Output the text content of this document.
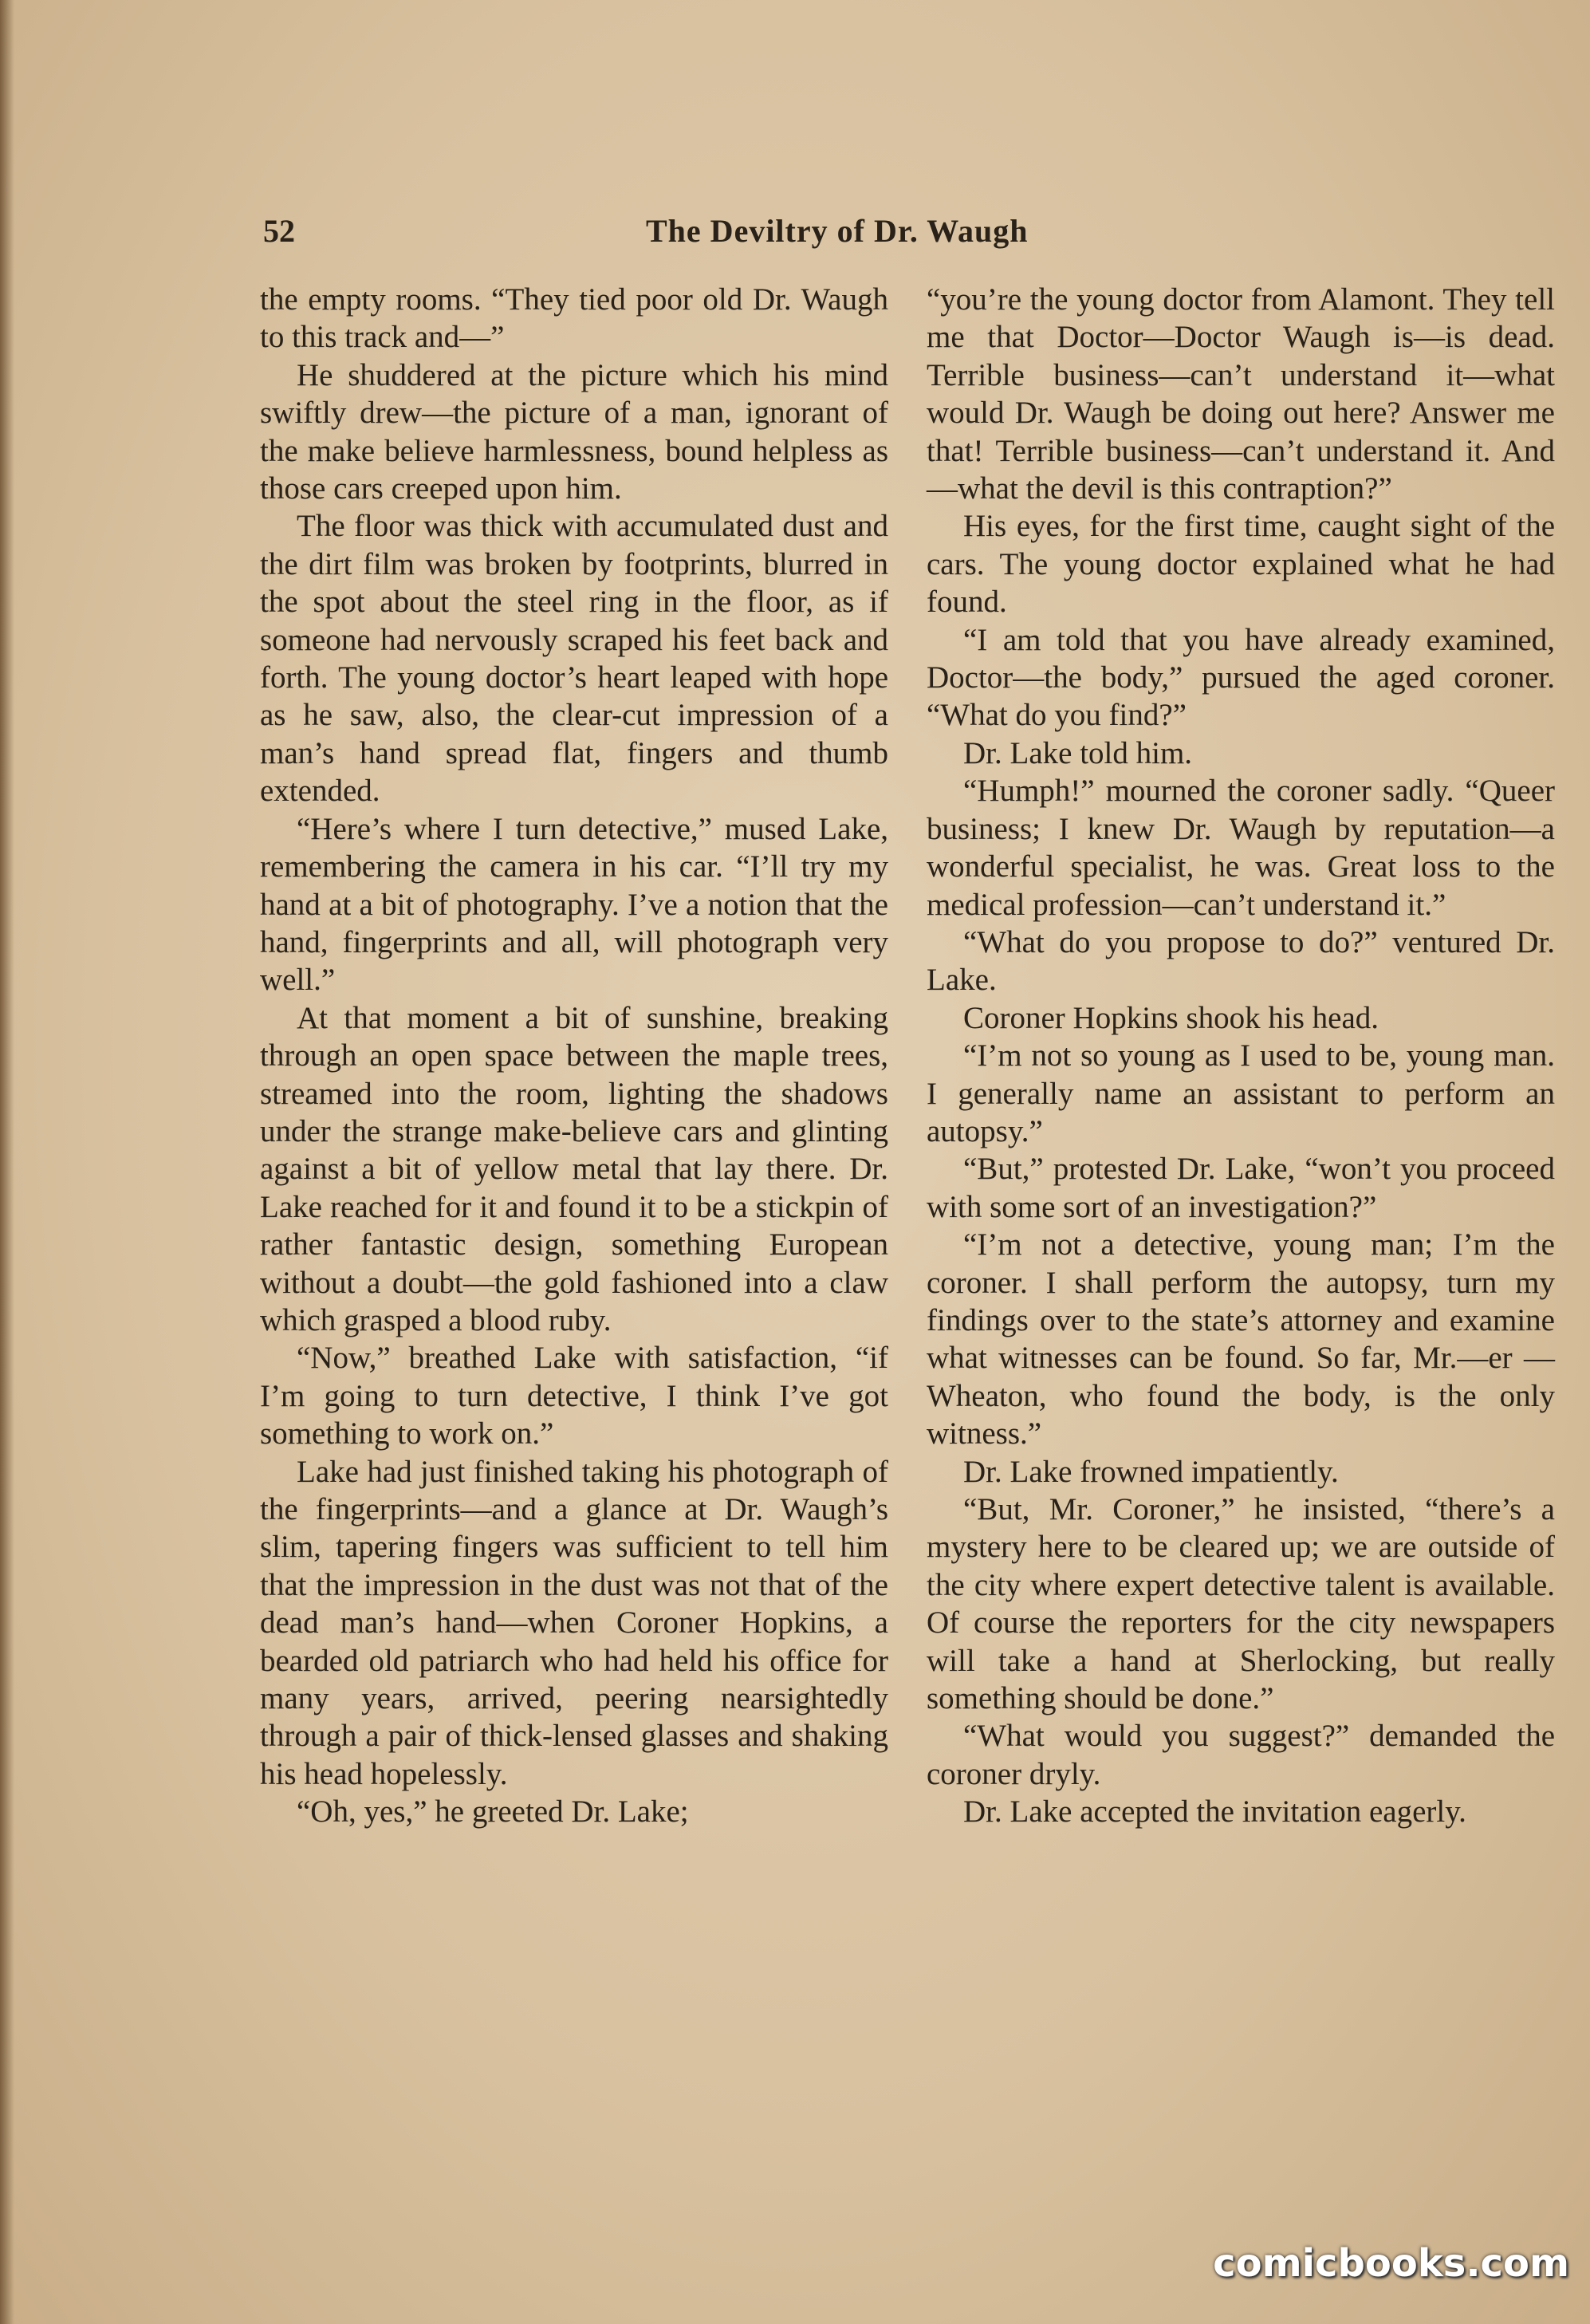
52	The Deviltry of Dr. Waugh

the empty rooms. “They tied poor old Dr. Waugh to this track and—”

He shuddered at the picture which his mind swiftly drew—the picture of a man, ignorant of the make believe harmlessness, bound helpless as those cars creeped upon him.

The floor was thick with accumulated dust and the dirt film was broken by footprints, blurred in the spot about the steel ring in the floor, as if someone had nervously scraped his feet back and forth. The young doctor’s heart leaped with hope as he saw, also, the clear-cut impression of a man’s hand spread flat, fingers and thumb extended.

“Here’s where I turn detective,” mused Lake, remembering the camera in his car. “I’ll try my hand at a bit of photography. I’ve a notion that the hand, fingerprints and all, will photograph very well.”

At that moment a bit of sunshine, breaking through an open space between the maple trees, streamed into the room, lighting the shadows under the strange make-believe cars and glinting against a bit of yellow metal that lay there. Dr. Lake reached for it and found it to be a stickpin of rather fantastic design, something European without a doubt—the gold fashioned into a claw which grasped a blood ruby.

“Now,” breathed Lake with satisfaction, “if I’m going to turn detective, I think I’ve got something to work on.”

Lake had just finished taking his photograph of the fingerprints—and a glance at Dr. Waugh’s slim, tapering fingers was sufficient to tell him that the impression in the dust was not that of the dead man’s hand—when Coroner Hopkins, a bearded old patriarch who had held his office for many years, arrived, peering nearsightedly through a pair of thick-lensed glasses and shaking his head hopelessly.

“Oh, yes,” he greeted Dr. Lake;

“you’re the young doctor from Alamont. They tell me that Doctor—Doctor Waugh is—is dead. Terrible business—can’t understand it—what would Dr. Waugh be doing out here? Answer me that! Terrible business—can’t understand it. And—what the devil is this contraption?”

His eyes, for the first time, caught sight of the cars. The young doctor explained what he had found.

“I am told that you have already examined, Doctor—the body,” pursued the aged coroner. “What do you find?”

Dr. Lake told him.

“Humph!” mourned the coroner sadly. “Queer business; I knew Dr. Waugh by reputation—a wonderful specialist, he was. Great loss to the medical profession—can’t understand it.”

“What do you propose to do?” ventured Dr. Lake.

Coroner Hopkins shook his head.

“I’m not so young as I used to be, young man. I generally name an assistant to perform an autopsy.”

“But,” protested Dr. Lake, “won’t you proceed with some sort of an investigation?”

“I’m not a detective, young man; I’m the coroner. I shall perform the autopsy, turn my findings over to the state’s attorney and examine what witnesses can be found. So far, Mr.—er —Wheaton, who found the body, is the only witness.”

Dr. Lake frowned impatiently.

“But, Mr. Coroner,” he insisted, “there’s a mystery here to be cleared up; we are outside of the city where expert detective talent is available. Of course the reporters for the city newspapers will take a hand at Sherlocking, but really something should be done.”

“What would you suggest?” demanded the coroner dryly.

Dr. Lake accepted the invitation eagerly.

comicbooks.com
